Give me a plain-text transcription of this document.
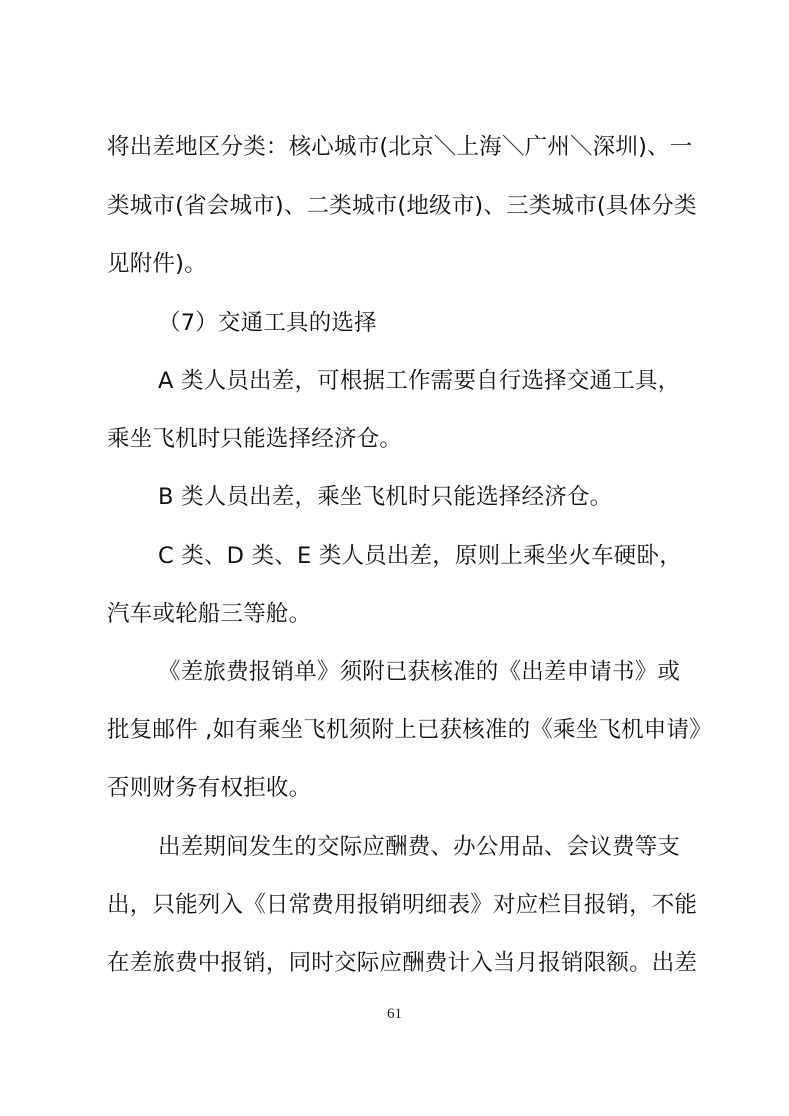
将出差地区分类：核心城市(北京＼上海＼广州＼深圳)、一
类城市(省会城市)、二类城市(地级市)、三类城市(具体分类
见附件)。
（7）交通工具的选择
A 类人员出差，可根据工作需要自行选择交通工具，
乘坐飞机时只能选择经济仓。
B 类人员出差，乘坐飞机时只能选择经济仓。
C 类、D 类、E 类人员出差，原则上乘坐火车硬卧，
汽车或轮船三等舱。
《差旅费报销单》须附已获核准的《出差申请书》或
批复邮件 ,如有乘坐飞机须附上已获核准的《乘坐飞机申请》
否则财务有权拒收。
出差期间发生的交际应酬费、办公用品、会议费等支
出，只能列入《日常费用报销明细表》对应栏目报销，不能
在差旅费中报销，同时交际应酬费计入当月报销限额。出差
61
